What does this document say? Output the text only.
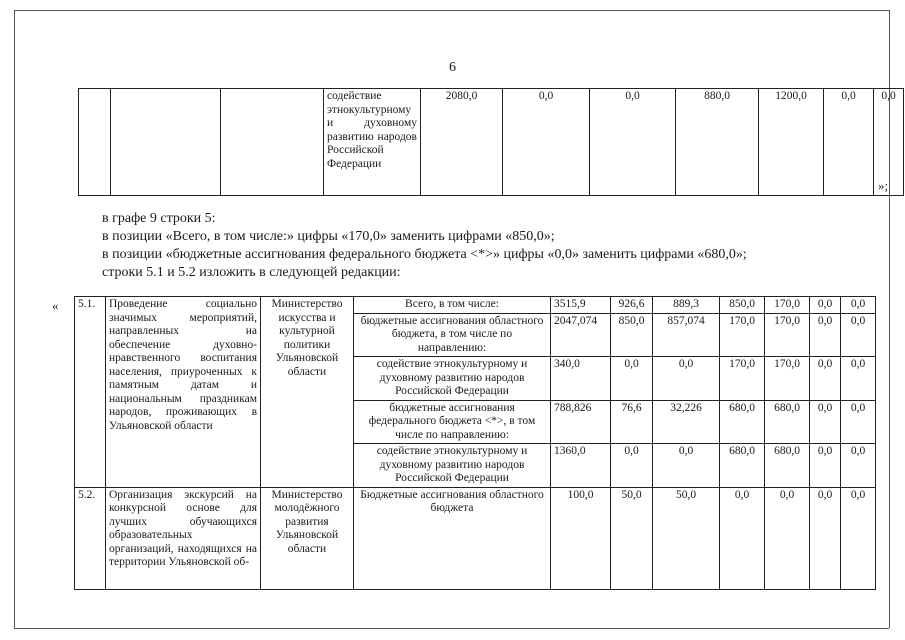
6
			содействие этнокультурному и духовному развитию народов Российской Федерации	2080,0	0,0	0,0	880,0	1200,0	0,0	0,0
»;
в графе 9 строки 5:
в позиции «Всего, в том числе:» цифры «170,0» заменить цифрами «850,0»;
в позиции «бюджетные ассигнования федерального бюджета <*>» цифры «0,0» заменить цифрами «680,0»;
строки 5.1 и 5.2 изложить в следующей редакции:
« 5.1.	Проведение социально значимых мероприятий, направленных на обеспечение духовно-нравственного воспитания населения, приуроченных к памятным датам и национальным праздникам народов, проживающих в Ульяновской области	Министерство искусства и культурной политики Ульяновской области	Всего, в том числе:	3515,9	926,6	889,3	850,0	170,0	0,0	0,0
			бюджетные ассигнования областного бюджета, в том числе по направлению:	2047,074	850,0	857,074	170,0	170,0	0,0	0,0
			содействие этнокультурному и духовному развитию народов Российской Федерации	340,0	0,0	0,0	170,0	170,0	0,0	0,0
			бюджетные ассигнования федерального бюджета <*>, в том числе по направлению:	788,826	76,6	32,226	680,0	680,0	0,0	0,0
			содействие этнокультурному и духовному развитию народов Российской Федерации	1360,0	0,0	0,0	680,0	680,0	0,0	0,0
5.2.	Организация экскурсий на конкурсной основе для лучших обучающихся образовательных организаций, находящихся на территории Ульяновской об-	Министерство молодёжного развития Ульяновской области	Бюджетные ассигнования областного бюджета	100,0	50,0	50,0	0,0	0,0	0,0	0,0
